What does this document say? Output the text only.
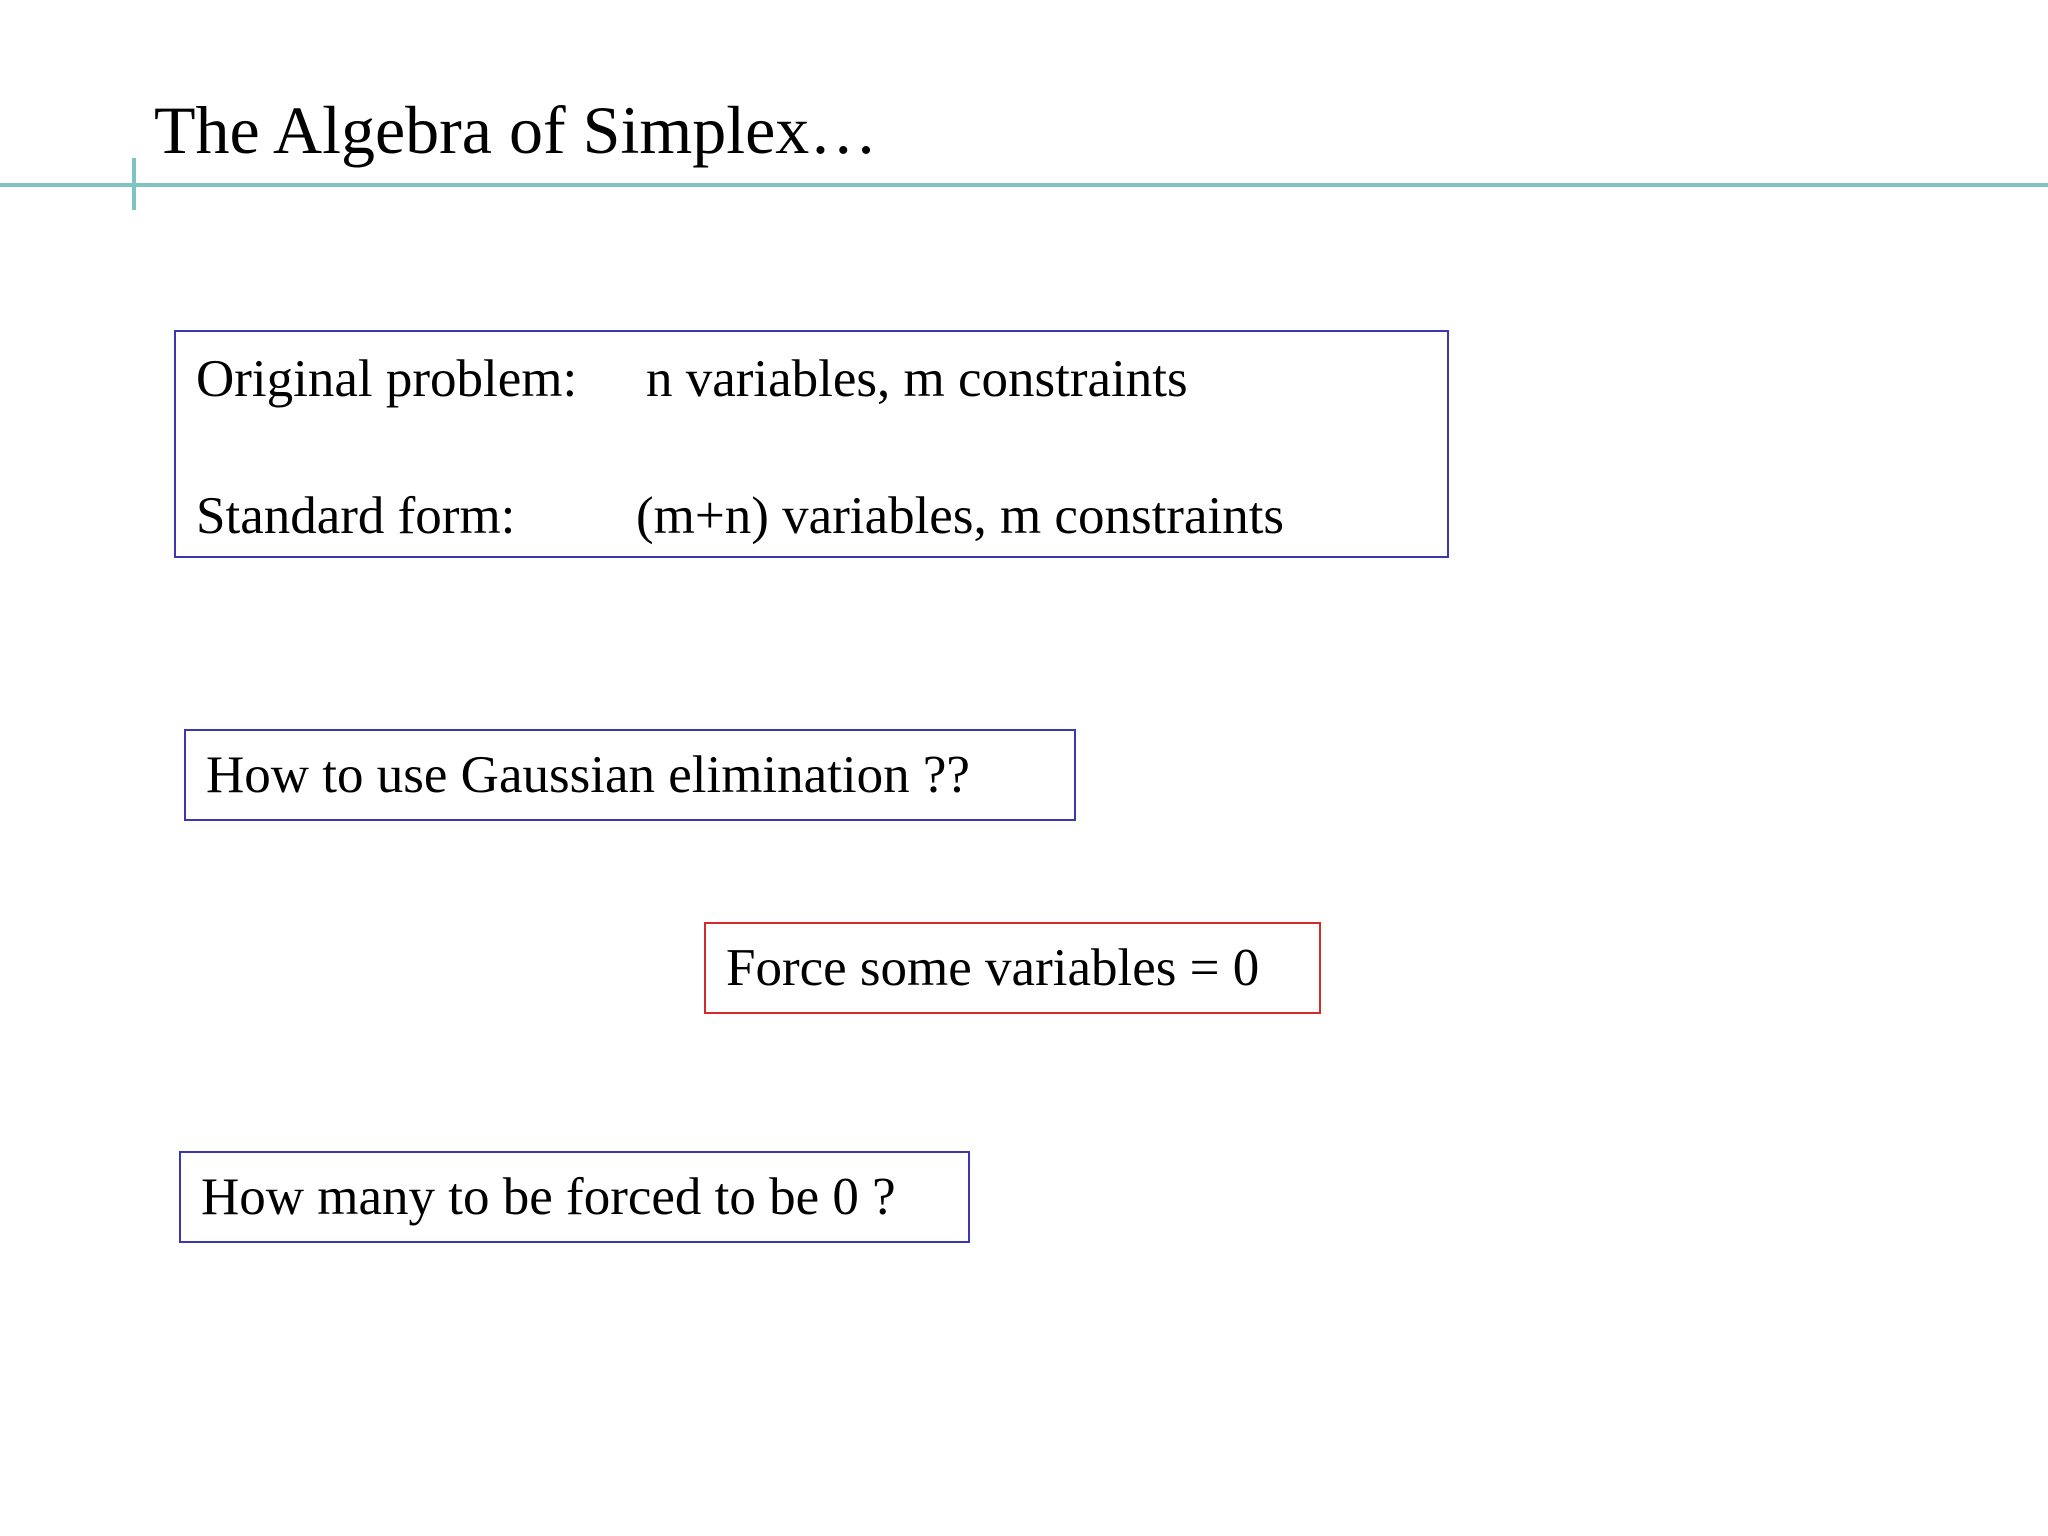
The Algebra of Simplex…
Original problem: n variables, m constraints
Standard form: (m+n) variables, m constraints
How to use Gaussian elimination ??
Force some variables = 0
How many to be forced to be 0 ?
